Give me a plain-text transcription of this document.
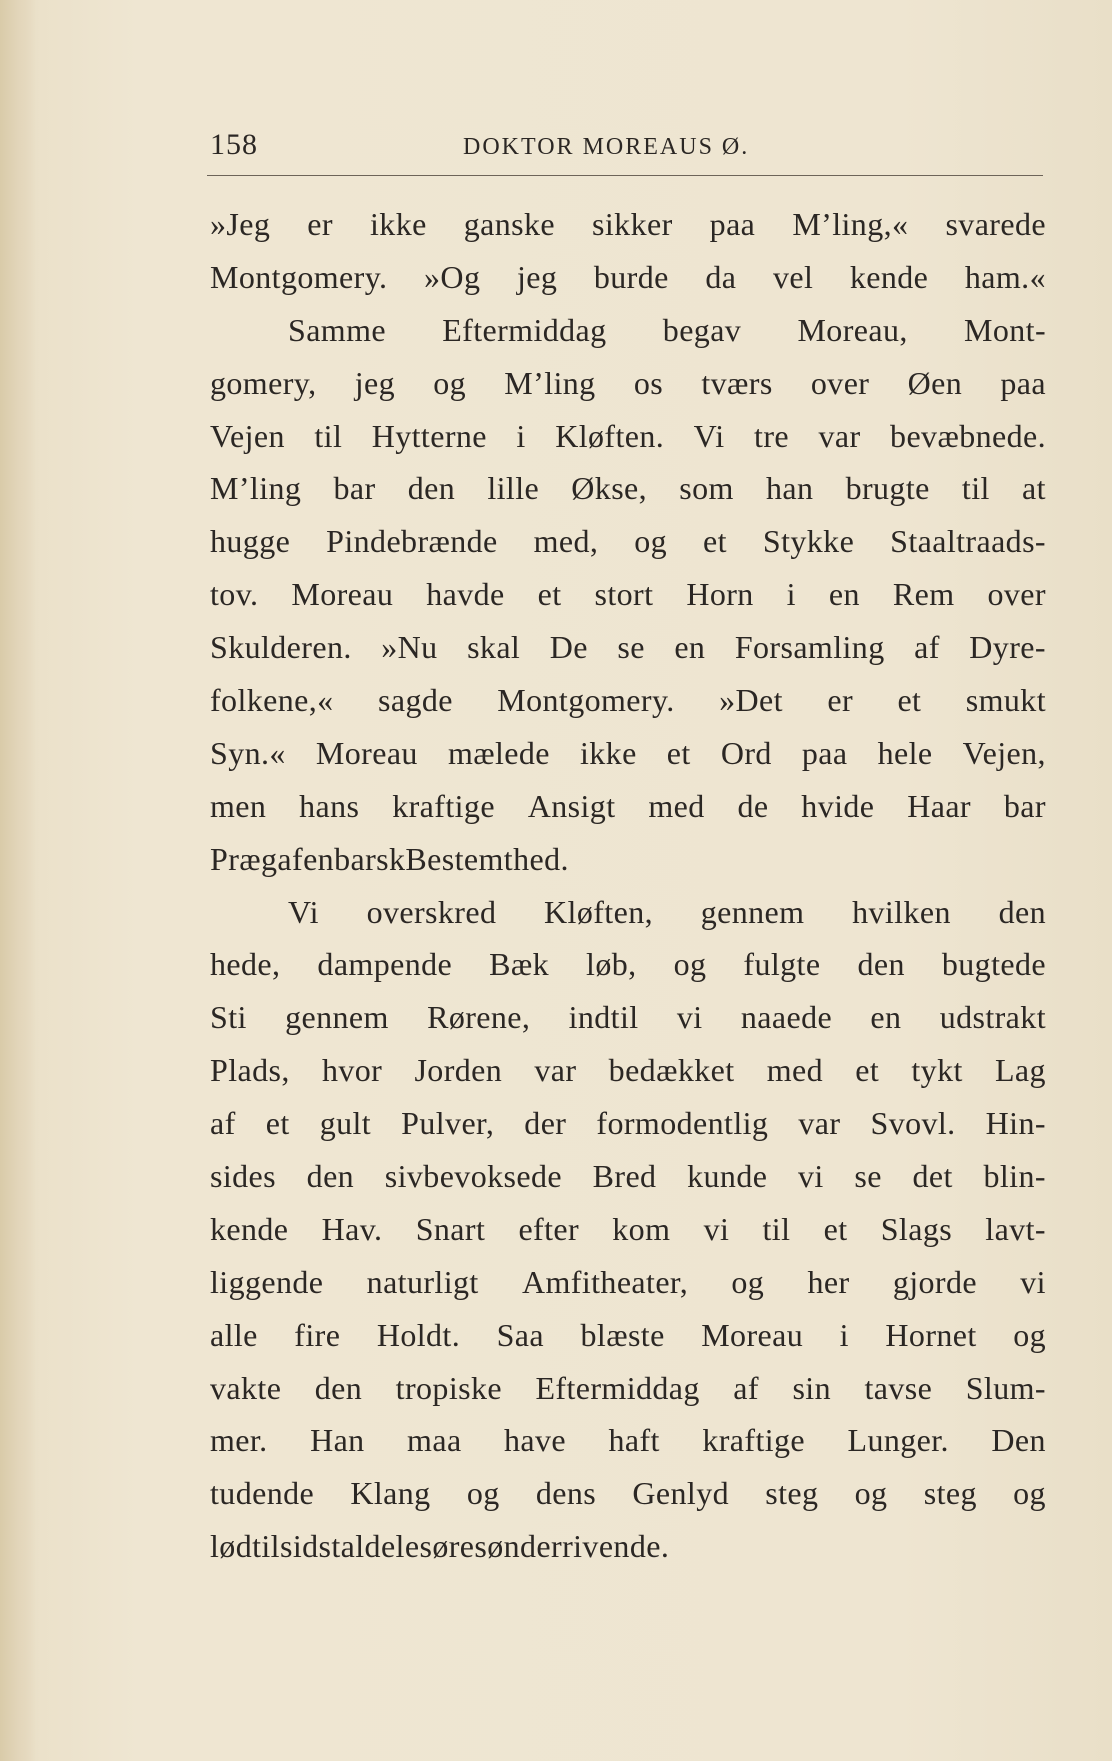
158	DOKTOR MOREAUS Ø.
»Jeg er ikke ganske sikker paa M’ling,« svarede
Montgomery. »Og jeg burde da vel kende ham.«
Samme Eftermiddag begav Moreau, Mont-
gomery, jeg og M’ling os tværs over Øen paa
Vejen til Hytterne i Kløften. Vi tre var bevæbnede.
M’ling bar den lille Økse, som han brugte til at
hugge Pindebrænde med, og et Stykke Staaltraads-
tov. Moreau havde et stort Horn i en Rem over
Skulderen. »Nu skal De se en Forsamling af Dyre-
folkene,« sagde Montgomery. »Det er et smukt
Syn.« Moreau mælede ikke et Ord paa hele Vejen,
men hans kraftige Ansigt med de hvide Haar bar
Præg af en barsk Bestemthed.
Vi overskred Kløften, gennem hvilken den
hede, dampende Bæk løb, og fulgte den bugtede
Sti gennem Rørene, indtil vi naaede en udstrakt
Plads, hvor Jorden var bedækket med et tykt Lag
af et gult Pulver, der formodentlig var Svovl. Hin-
sides den sivbevoksede Bred kunde vi se det blin-
kende Hav. Snart efter kom vi til et Slags lavt-
liggende naturligt Amfitheater, og her gjorde vi
alle fire Holdt. Saa blæste Moreau i Hornet og
vakte den tropiske Eftermiddag af sin tavse Slum-
mer. Han maa have haft kraftige Lunger. Den
tudende Klang og dens Genlyd steg og steg og
lød tilsidst aldeles øresønderrivende.
